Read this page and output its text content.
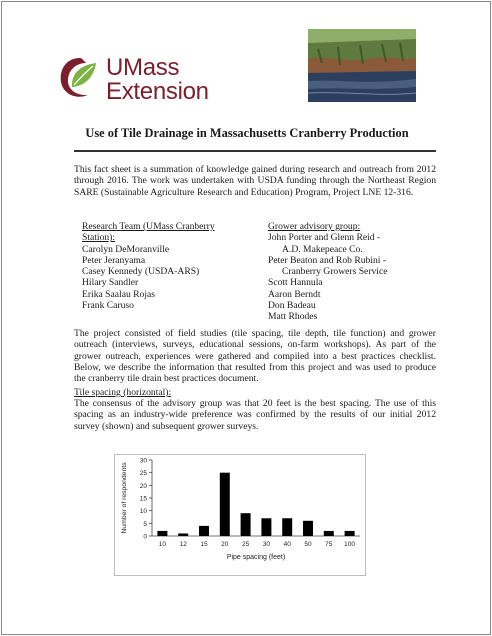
UMass
Extension
Use of Tile Drainage in Massachusetts Cranberry Production
This fact sheet is a summation of knowledge gained during research and outreach from 2012 through 2016. The work was undertaken with USDA funding through the Northeast Region SARE (Sustainable Agriculture Research and Education) Program, Project LNE 12-316.
Research Team (UMass Cranberry
Station):
Carolyn DeMoranville
Peter Jeranyama
Casey Kennedy (USDA-ARS)
Hilary Sandler
Erika Saalau Rojas
Frank Caruso
Grower advisory group:
John Porter and Glenn Reid -
A.D. Makepeace Co.
Peter Beaton and Rob Rubini -
Cranberry Growers Service
Scott Hannula
Aaron Berndt
Don Badeau
Matt Rhodes
The project consisted of field studies (tile spacing, tile depth, tile function) and grower outreach (interviews, surveys, educational sessions, on-farm workshops). As part of the grower outreach, experiences were gathered and compiled into a best practices checklist. Below, we describe the information that resulted from this project and was used to produce the cranberry tile drain best practices document.
Tile spacing (horizontal):
The consensus of the advisory group was that 20 feet is the best spacing. The use of this spacing as an industry-wide preference was confirmed by the results of our initial 2012 survey (shown) and subsequent grower surveys.
0
5
10
15
20
25
30
10 12 15 20 25 30 40 50 75 100
Pipe spacing (feet)
Number of respondents
